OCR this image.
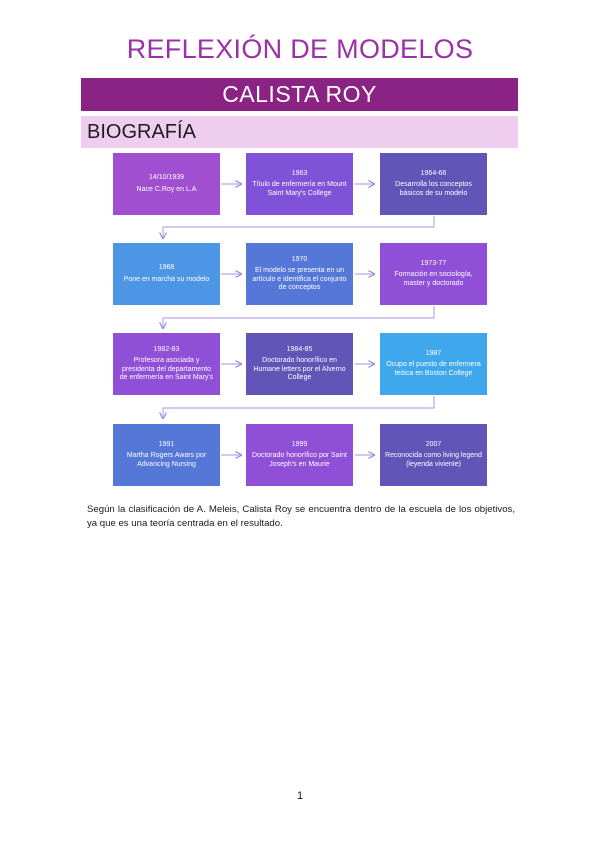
REFLEXIÓN DE MODELOS
CALISTA ROY
BIOGRAFÍA
14/10/1939
Nace C.Roy en L.A
1963
Título de enfermería en Mount Saint Mary's College
1964-66
Desarrolla los conceptos básicos de su modelo
1968
Pone en marcha su modelo
1970
El modelo se presenta en un artículo e identifica el conjunto de conceptos
1973-77
Formación en sociología, master y doctorado
1982-83
Profesora asociada y presidenta del departamento de enfermería en Saint Mary's
1984-85
Doctorado honorífico en Humane letters por el Alverno College
1987
Ocupo el puesto de enfermera teóica en Boston College
1991
Martha Rogers Awars por Advancing Nursing
1999
Doctorado honorífico por Saint Joseph's en Maurie
2007
Reconocida como living legend (leyenda viviente)
Según la clasificación de A. Meleis, Calista Roy se encuentra dentro de la escuela de los objetivos, ya que es una teoría centrada en el resultado.
1
